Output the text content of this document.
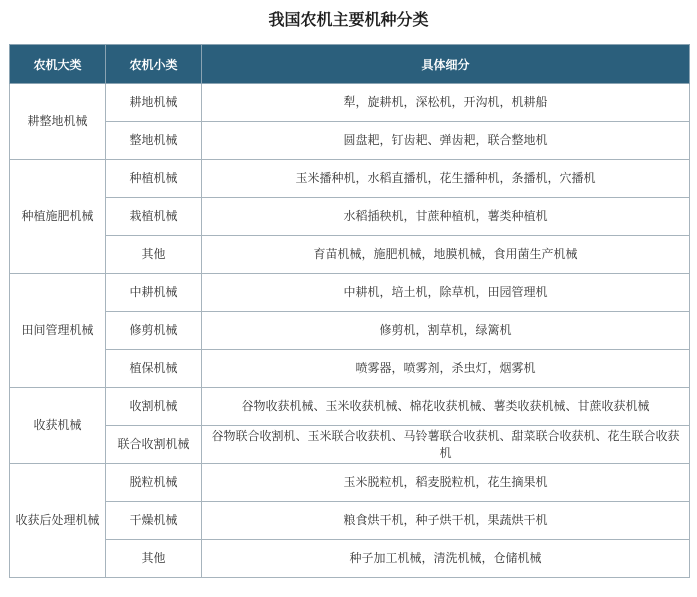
我国农机主要机种分类
农机大类	农机小类	具体细分
耕整地机械	耕地机械	犁，旋耕机，深松机，开沟机，机耕船
	整地机械	圆盘耙，钉齿耙、弹齿耙，联合整地机
种植施肥机械	种植机械	玉米播种机，水稻直播机，花生播种机，条播机，穴播机
	栽植机械	水稻插秧机，甘蔗种植机，薯类种植机
	其他	育苗机械，施肥机械，地膜机械，食用菌生产机械
田间管理机械	中耕机械	中耕机，培土机，除草机，田园管理机
	修剪机械	修剪机，割草机，绿篱机
	植保机械	喷雾器，喷雾剂，杀虫灯，烟雾机
收获机械	收割机械	谷物收获机械、玉米收获机械、棉花收获机械、薯类收获机械、甘蔗收获机械
	联合收割机械	谷物联合收割机、玉米联合收获机、马铃薯联合收获机、甜菜联合收获机、花生联合收获机
收获后处理机械	脱粒机械	玉米脱粒机，稻麦脱粒机，花生摘果机
	干燥机械	粮食烘干机，种子烘干机，果蔬烘干机
	其他	种子加工机械，清洗机械，仓储机械
